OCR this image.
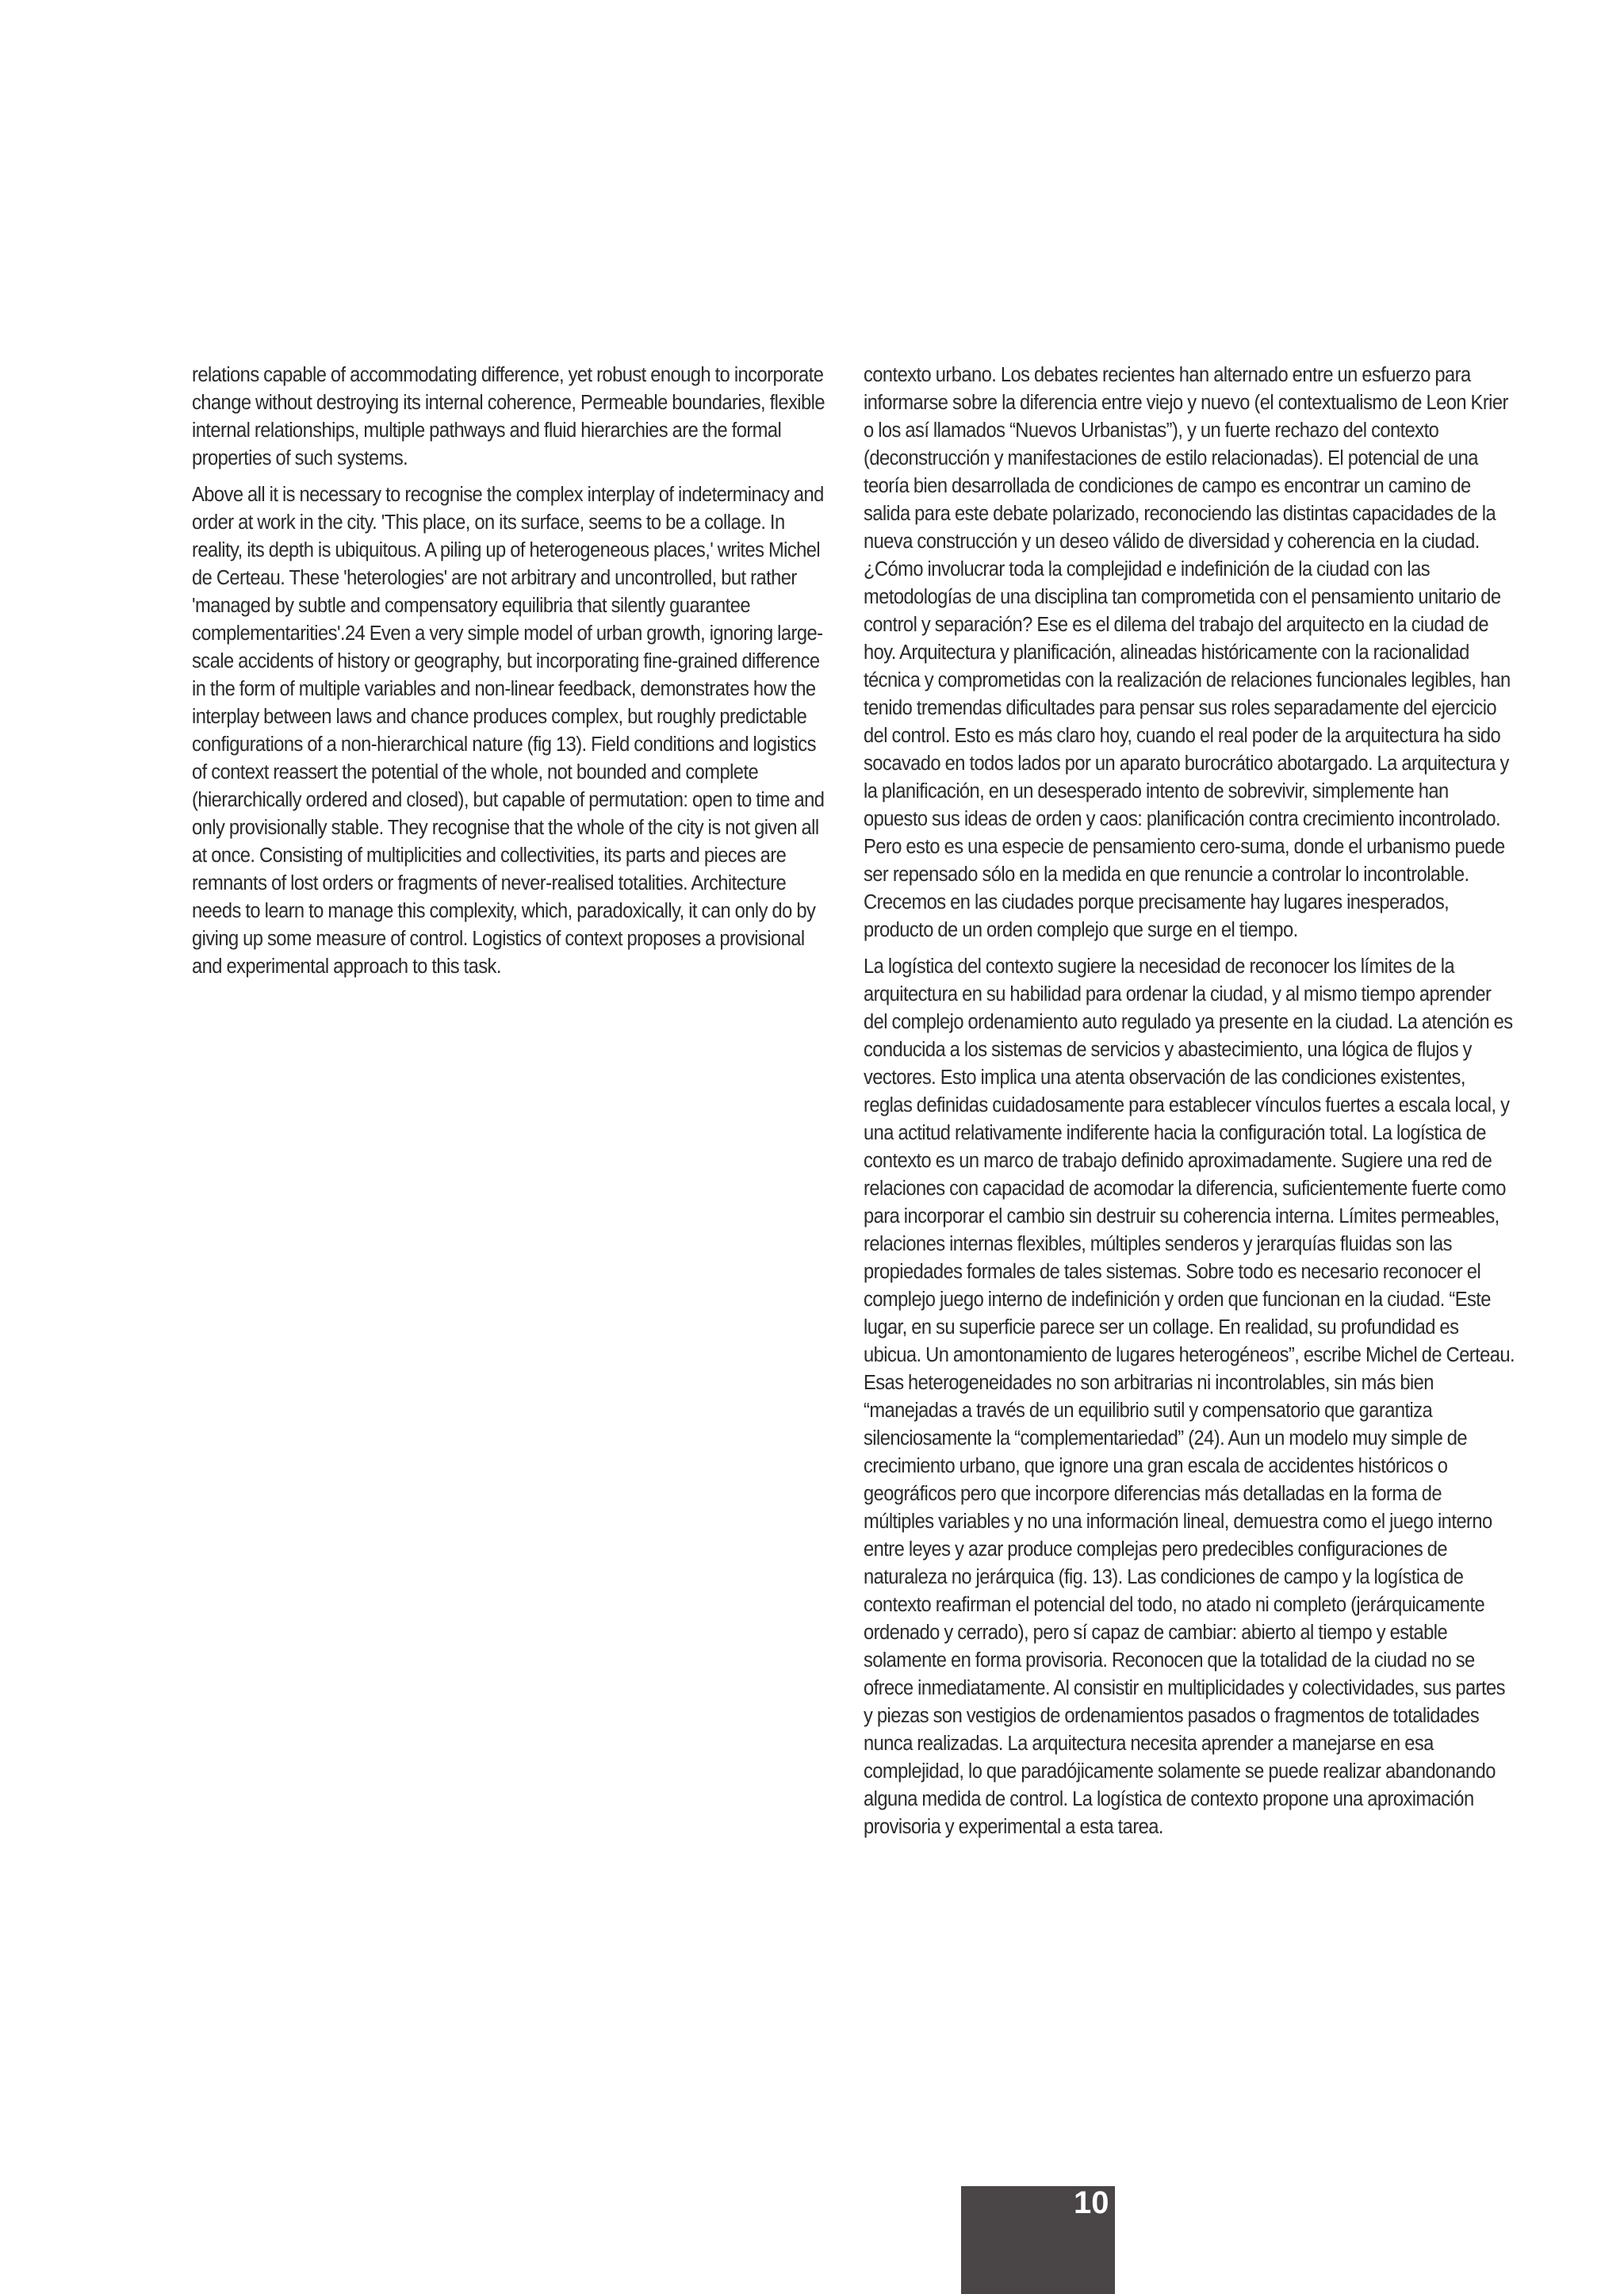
relations capable of accommodating difference, yet robust enough to incorporate change without destroying its internal coherence, Permeable boundaries, flexible internal relationships, multiple pathways and fluid hierarchies are the formal properties of such systems.

Above all it is necessary to recognise the complex interplay of indeterminacy and order at work in the city. 'This place, on its surface, seems to be a collage. In reality, its depth is ubiquitous. A piling up of heterogeneous places,' writes Michel de Certeau. These 'heterologies' are not arbitrary and uncontrolled, but rather 'managed by subtle and compensatory equilibria that silently guarantee complementarities'.24 Even a very simple model of urban growth, ignoring large-scale accidents of history or geography, but incorporating fine-grained difference in the form of multiple variables and non-linear feedback, demonstrates how the interplay between laws and chance produces complex, but roughly predictable configurations of a non-hierarchical nature (fig 13). Field conditions and logistics of context reassert the potential of the whole, not bounded and complete (hierarchically ordered and closed), but capable of permutation: open to time and only provisionally stable. They recognise that the whole of the city is not given all at once. Consisting of multiplicities and collectivities, its parts and pieces are remnants of lost orders or fragments of never-realised totalities. Architecture needs to learn to manage this complexity, which, paradoxically, it can only do by giving up some measure of control. Logistics of context proposes a provisional and experimental approach to this task.

contexto urbano. Los debates recientes han alternado entre un esfuerzo para informarse sobre la diferencia entre viejo y nuevo (el contextualismo de Leon Krier o los así llamados “Nuevos Urbanistas”), y un fuerte rechazo del contexto (deconstrucción y manifestaciones de estilo relacionadas). El potencial de una teoría bien desarrollada de condiciones de campo es encontrar un camino de salida para este debate polarizado, reconociendo las distintas capacidades de la nueva construcción y un deseo válido de diversidad y coherencia en la ciudad. ¿Cómo involucrar toda la complejidad e indefinición de la ciudad con las metodologías de una disciplina tan comprometida con el pensamiento unitario de control y separación? Ese es el dilema del trabajo del arquitecto en la ciudad de hoy. Arquitectura y planificación, alineadas históricamente con la racionalidad técnica y comprometidas con la realización de relaciones funcionales legibles, han tenido tremendas dificultades para pensar sus roles separadamente del ejercicio del control. Esto es más claro hoy, cuando el real poder de la arquitectura ha sido socavado en todos lados por un aparato burocrático abotargado. La arquitectura y la planificación, en un desesperado intento de sobrevivir, simplemente han opuesto sus ideas de orden y caos: planificación contra crecimiento incontrolado. Pero esto es una especie de pensamiento cero-suma, donde el urbanismo puede ser repensado sólo en la medida en que renuncie a controlar lo incontrolable. Crecemos en las ciudades porque precisamente hay lugares inesperados, producto de un orden complejo que surge en el tiempo.

La logística del contexto sugiere la necesidad de reconocer los límites de la arquitectura en su habilidad para ordenar la ciudad, y al mismo tiempo aprender del complejo ordenamiento auto regulado ya presente en la ciudad. La atención es conducida a los sistemas de servicios y abastecimiento, una lógica de flujos y vectores. Esto implica una atenta observación de las condiciones existentes, reglas definidas cuidadosamente para establecer vínculos fuertes a escala local, y una actitud relativamente indiferente hacia la configuración total. La logística de contexto es un marco de trabajo definido aproximadamente. Sugiere una red de relaciones con capacidad de acomodar la diferencia, suficientemente fuerte como para incorporar el cambio sin destruir su coherencia interna. Límites permeables, relaciones internas flexibles, múltiples senderos y jerarquías fluidas son las propiedades formales de tales sistemas. Sobre todo es necesario reconocer el complejo juego interno de indefinición y orden que funcionan en la ciudad. “Este lugar, en su superficie parece ser un collage. En realidad, su profundidad es ubicua. Un amontonamiento de lugares heterogéneos”, escribe Michel de Certeau. Esas heterogeneidades no son arbitrarias ni incontrolables, sin más bien “manejadas a través de un equilibrio sutil y compensatorio que garantiza silenciosamente la “complementariedad” (24). Aun un modelo muy simple de crecimiento urbano, que ignore una gran escala de accidentes históricos o geográficos pero que incorpore diferencias más detalladas en la forma de múltiples variables y no una información lineal, demuestra como el juego interno entre leyes y azar produce complejas pero predecibles configuraciones de naturaleza no jerárquica (fig. 13). Las condiciones de campo y la logística de contexto reafirman el potencial del todo, no atado ni completo (jerárquicamente ordenado y cerrado), pero sí capaz de cambiar: abierto al tiempo y estable solamente en forma provisoria. Reconocen que la totalidad de la ciudad no se ofrece inmediatamente. Al consistir en multiplicidades y colectividades, sus partes y piezas son vestigios de ordenamientos pasados o fragmentos de totalidades nunca realizadas. La arquitectura necesita aprender a manejarse en esa complejidad, lo que paradójicamente solamente se puede realizar abandonando alguna medida de control. La logística de contexto propone una aproximación provisoria y experimental a esta tarea.

10
